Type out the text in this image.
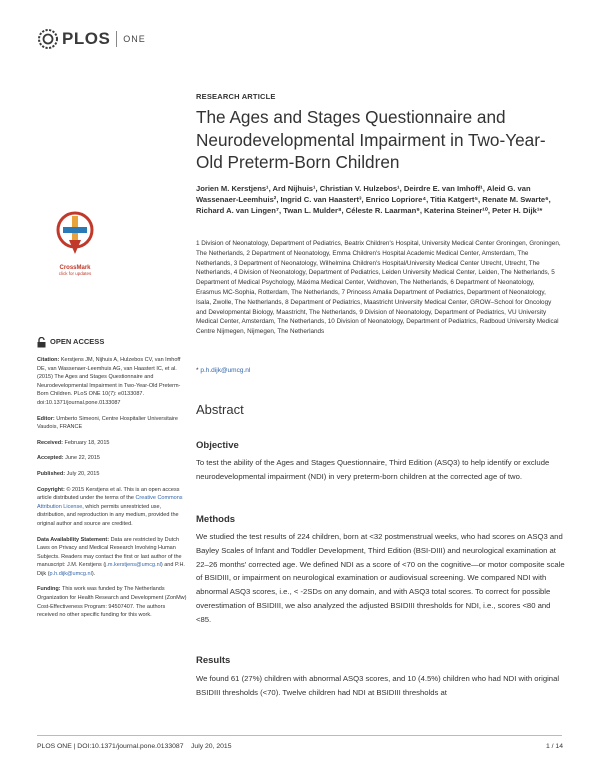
PLOS ONE
CrossMark
click for updates
RESEARCH ARTICLE
The Ages and Stages Questionnaire and Neurodevelopmental Impairment in Two-Year-Old Preterm-Born Children
Jorien M. Kerstjens¹, Ard Nijhuis¹, Christian V. Hulzebos¹, Deirdre E. van Imhoff¹, Aleid G. van Wassenaer-Leemhuis², Ingrid C. van Haastert³, Enrico Lopriore⁴, Titia Katgert⁵, Renate M. Swarte⁶, Richard A. van Lingen⁷, Twan L. Mulder⁸, Céleste R. Laarman⁹, Katerina Steiner¹⁰, Peter H. Dijk¹*
1 Division of Neonatology, Department of Pediatrics, Beatrix Children's Hospital, University Medical Center Groningen, Groningen, The Netherlands, 2 Department of Neonatology, Emma Children's Hospital Academic Medical Center, Amsterdam, The Netherlands, 3 Department of Neonatology, Wilhelmina Children's Hospital/University Medical Center Utrecht, Utrecht, The Netherlands, 4 Division of Neonatology, Department of Pediatrics, Leiden University Medical Center, Leiden, The Netherlands, 5 Department of Medical Psychology, Máxima Medical Center, Veldhoven, The Netherlands, 6 Department of Neonatology, Erasmus MC-Sophia, Rotterdam, The Netherlands, 7 Princess Amalia Department of Pediatrics, Department of Neonatology, Isala, Zwolle, The Netherlands, 8 Department of Pediatrics, Maastricht University Medical Center, GROW–School for Oncology and Developmental Biology, Maastricht, The Netherlands, 9 Division of Neonatology, Department of Pediatrics, VU University Medical Center, Amsterdam, The Netherlands, 10 Division of Neonatology, Department of Pediatrics, Radboud University Medical Centre Nijmegen, Nijmegen, The Netherlands
* p.h.dijk@umcg.nl
OPEN ACCESS

Citation: Kerstjens JM, Nijhuis A, Hulzebos CV, van Imhoff DE, van Wassenaer-Leemhuis AG, van Haastert IC, et al. (2015) The Ages and Stages Questionnaire and Neurodevelopmental Impairment in Two-Year-Old Preterm-Born Children. PLoS ONE 10(7): e0133087. doi:10.1371/journal.pone.0133087

Editor: Umberto Simeoni, Centre Hospitalier Universitaire Vaudois, FRANCE

Received: February 18, 2015

Accepted: June 22, 2015

Published: July 20, 2015

Copyright: © 2015 Kerstjens et al. This is an open access article distributed under the terms of the Creative Commons Attribution License, which permits unrestricted use, distribution, and reproduction in any medium, provided the original author and source are credited.

Data Availability Statement: Data are restricted by Dutch Laws on Privacy and Medical Research Involving Human Subjects. Readers may contact the first or last author of the manuscript: J.M. Kerstjens (j.m.kerstjens@umcg.nl) and P.H. Dijk (p.h.dijk@umcg.nl).

Funding: This work was funded by The Netherlands Organization for Health Research and Development (ZonMw) Cost-Effectiveness Program: 94507407. The authors received no other specific funding for this work.

Abstract
Objective
To test the ability of the Ages and Stages Questionnaire, Third Edition (ASQ3) to help identify or exclude neurodevelopmental impairment (NDI) in very preterm-born children at the corrected age of two.
Methods
We studied the test results of 224 children, born at <32 postmenstrual weeks, who had scores on ASQ3 and Bayley Scales of Infant and Toddler Development, Third Edition (BSI-DIII) and neurological examination at 22–26 months' corrected age. We defined NDI as a score of <70 on the cognitive—or motor composite scale of BSIDIII, or impairment on neurological examination or audiovisual screening. We compared NDI with abnormal ASQ3 scores, i.e., < -2SDs on any domain, and with ASQ3 total scores. To correct for possible overestimation of BSIDIII, we also analyzed the adjusted BSIDIII thresholds for NDI, i.e., scores <80 and <85.
Results
We found 61 (27%) children with abnormal ASQ3 scores, and 10 (4.5%) children who had NDI with original BSIDIII thresholds (<70). Twelve children had NDI at BSIDIII thresholds at
PLOS ONE | DOI:10.1371/journal.pone.0133087    July 20, 2015	1 / 14
